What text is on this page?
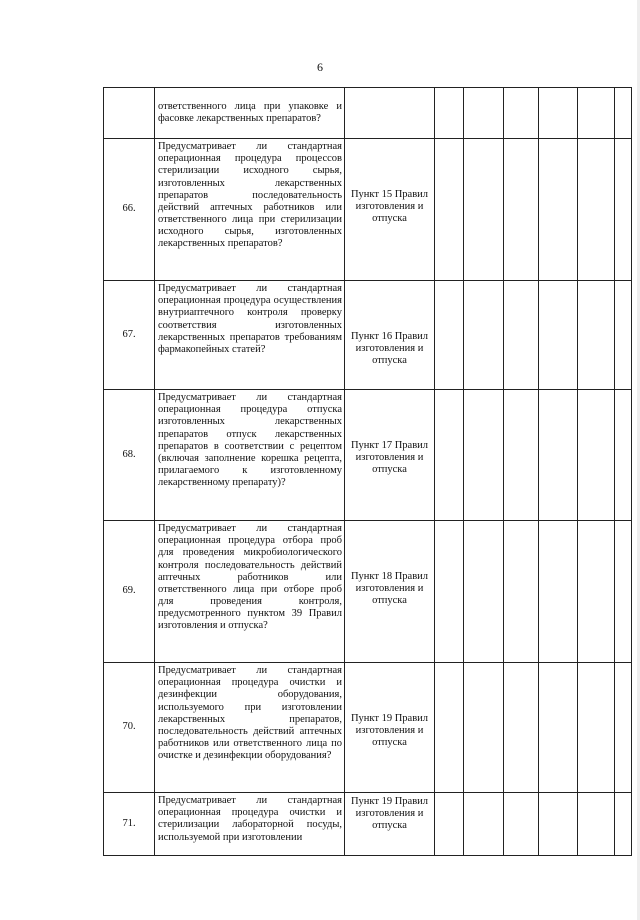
6
	ответственного лица при упаковке и фасовке лекарственных препаратов?							
66.	Предусматривает ли стандартная операционная процедура процессов стерилизации исходного сырья, изготовленных лекарственных препаратов последовательность действий аптечных работников или ответственного лица при стерилизации исходного сырья, изготовленных лекарственных препаратов?	Пункт 15 Правил изготовления и отпуска						
67.	Предусматривает ли стандартная операционная процедура осуществления внутриаптечного контроля проверку соответствия изготовленных лекарственных препаратов требованиям фармакопейных статей?	Пункт 16 Правил изготовления и отпуска						
68.	Предусматривает ли стандартная операционная процедура отпуска изготовленных лекарственных препаратов отпуск лекарственных препаратов в соответствии с рецептом (включая заполнение корешка рецепта, прилагаемого к изготовленному лекарственному препарату)?	Пункт 17 Правил изготовления и отпуска						
69.	Предусматривает ли стандартная операционная процедура отбора проб для проведения микробиологического контроля последовательность действий аптечных работников или ответственного лица при отборе проб для проведения контроля, предусмотренного пунктом 39 Правил изготовления и отпуска?	Пункт 18 Правил изготовления и отпуска						
70.	Предусматривает ли стандартная операционная процедура очистки и дезинфекции оборудования, используемого при изготовлении лекарственных препаратов, последовательность действий аптечных работников или ответственного лица по очистке и дезинфекции оборудования?	Пункт 19 Правил изготовления и отпуска						
71.	Предусматривает ли стандартная операционная процедура очистки и стерилизации лабораторной посуды, используемой при изготовлении	Пункт 19 Правил изготовления и отпуска						
